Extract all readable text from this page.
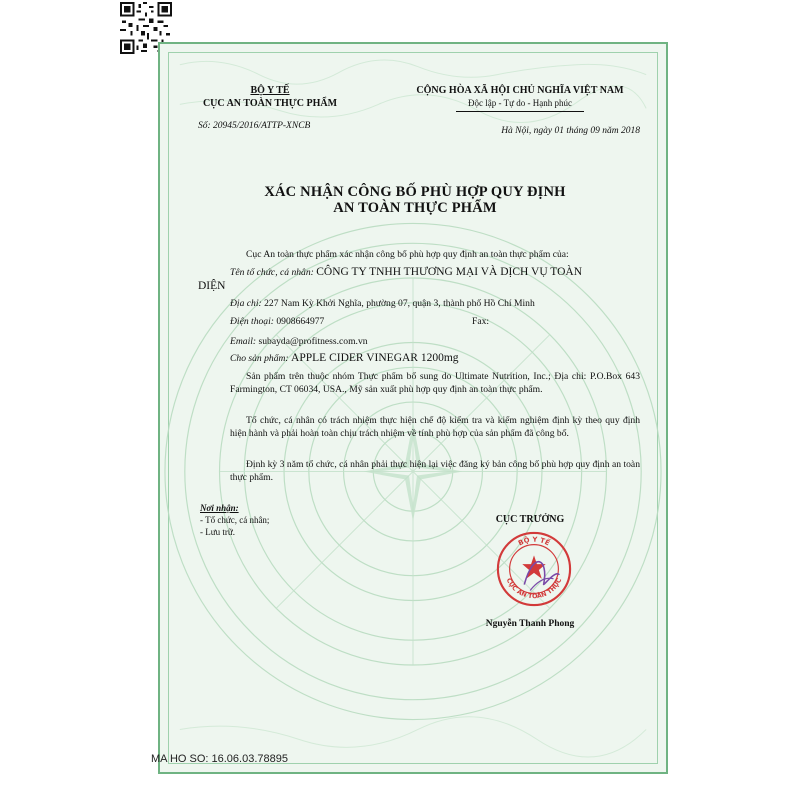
BỘ Y TẾ
CỤC AN TOÀN THỰC PHẨM
Số: 20945/2016/ATTP-XNCB
CỘNG HÒA XÃ HỘI CHỦ NGHĨA VIỆT NAM
Độc lập - Tự do - Hạnh phúc
Hà Nội, ngày 01 tháng 09 năm 2018
XÁC NHẬN CÔNG BỐ PHÙ HỢP QUY ĐỊNH
AN TOÀN THỰC PHẨM
Cục An toàn thực phẩm xác nhận công bố phù hợp quy định an toàn thực phẩm của:
Tên tổ chức, cá nhân: CÔNG TY TNHH THƯƠNG MẠI VÀ DỊCH VỤ TOÀN
DIỆN
Địa chỉ: 227 Nam Kỳ Khởi Nghĩa, phường 07, quận 3, thành phố Hồ Chí Minh
Điện thoại: 0908664977	Fax:
Email: subayda@profitness.com.vn
Cho sản phẩm: APPLE CIDER VINEGAR 1200mg
Sản phẩm trên thuộc nhóm Thực phẩm bổ sung do Ultimate Nutrition, Inc.; Địa chỉ: P.O.Box 643 Farmington, CT 06034, USA., Mỹ sản xuất phù hợp quy định an toàn thực phẩm.
Tổ chức, cá nhân có trách nhiệm thực hiện chế độ kiểm tra và kiểm nghiệm định kỳ theo quy định hiện hành và phải hoàn toàn chịu trách nhiệm về tính phù hợp của sản phẩm đã công bố.
Định kỳ 3 năm tổ chức, cá nhân phải thực hiện lại việc đăng ký bản công bố phù hợp quy định an toàn thực phẩm.
Nơi nhận:
- Tổ chức, cá nhân;
- Lưu trữ.
CỤC TRƯỞNG
BỘ Y TẾ
CỤC AN TOÀN THỰC
Nguyễn Thanh Phong
MA HO SO: 16.06.03.78895
